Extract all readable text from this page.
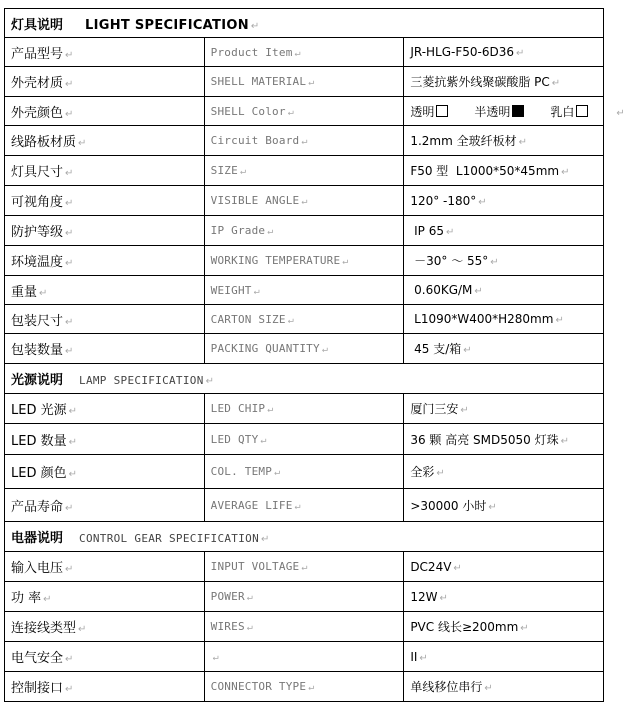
灯具说明 LIGHT SPECIFICATION ↵		
产品型号 ↵	Product Item ↵	JR-HLG-F50-6D36 ↵
外壳材质 ↵	SHELL MATERIAL ↵	三菱抗紫外线聚碳酸脂 PC ↵
外壳颜色 ↵	SHELL Color ↵	透明 半透明 乳白 ↵
线路板材质 ↵	Circuit Board ↵	1.2mm 全玻纤板材 ↵
灯具尺寸 ↵	SIZE ↵	F50 型  L1000*50*45mm ↵
可视角度 ↵	VISIBLE ANGLE ↵	120° -180° ↵
防护等级 ↵	IP Grade ↵	IP 65 ↵
环境温度 ↵	WORKING TEMPERATURE ↵	－30° ～ 55° ↵
重量 ↵	WEIGHT ↵	0.60KG/M ↵
包装尺寸 ↵	CARTON SIZE ↵	L1090*W400*H280mm ↵
包装数量 ↵	PACKING QUANTITY ↵	45 支/箱 ↵
光源说明 LAMP SPECIFICATION ↵		
LED 光源 ↵	LED CHIP ↵	厦门三安 ↵
LED 数量 ↵	LED QTY ↵	36 颗 高亮 SMD5050 灯珠 ↵
LED 颜色 ↵	COL. TEMP ↵	全彩 ↵
产品寿命 ↵	AVERAGE LIFE ↵	>30000 小时 ↵
电器说明 CONTROL GEAR SPECIFICATION ↵		
输入电压 ↵	INPUT VOLTAGE ↵	DC24V ↵
功 率 ↵	POWER ↵	12W ↵
连接线类型 ↵	WIRES ↵	PVC 线长≥200mm ↵
电气安全 ↵	↵	II ↵
控制接口 ↵	CONNECTOR TYPE ↵	单线移位串行 ↵
